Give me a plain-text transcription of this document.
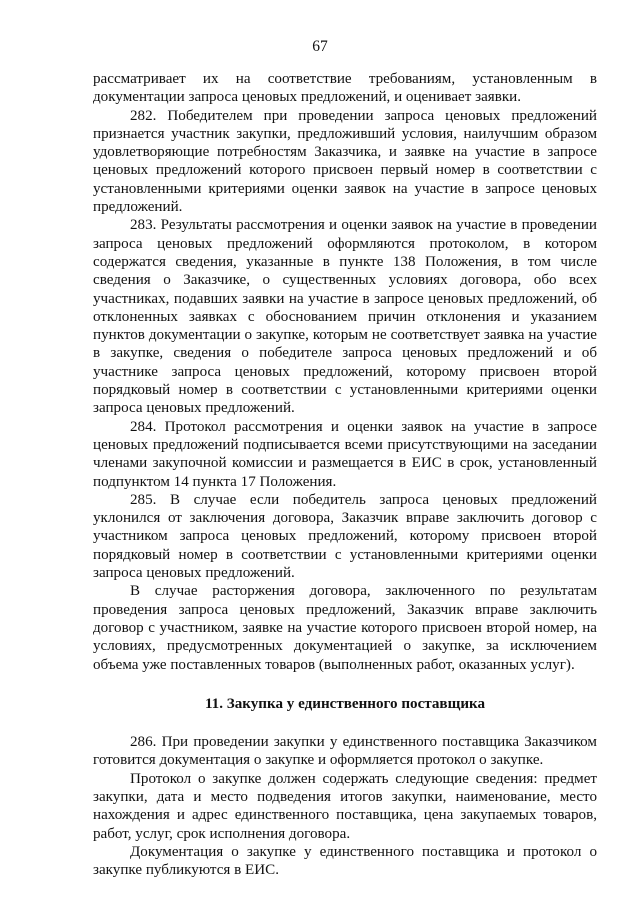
67

рассматривает их на соответствие требованиям, установленным в документации запроса ценовых предложений, и оценивает заявки.

282. Победителем при проведении запроса ценовых предложений признается участник закупки, предложивший условия, наилучшим образом удовлетворяющие потребностям Заказчика, и заявке на участие в запросе ценовых предложений которого присвоен первый номер в соответствии с установленными критериями оценки заявок на участие в запросе ценовых предложений.

283. Результаты рассмотрения и оценки заявок на участие в проведении запроса ценовых предложений оформляются протоколом, в котором содержатся сведения, указанные в пункте 138 Положения, в том числе сведения о Заказчике, о существенных условиях договора, обо всех участниках, подавших заявки на участие в запросе ценовых предложений, об отклоненных заявках с обоснованием причин отклонения и указанием пунктов документации о закупке, которым не соответствует заявка на участие в закупке, сведения о победителе запроса ценовых предложений и об участнике запроса ценовых предложений, которому присвоен второй порядковый номер в соответствии с установленными критериями оценки запроса ценовых предложений.

284. Протокол рассмотрения и оценки заявок на участие в запросе ценовых предложений подписывается всеми присутствующими на заседании членами закупочной комиссии и размещается в ЕИС в срок, установленный подпунктом 14 пункта 17 Положения.

285. В случае если победитель запроса ценовых предложений уклонился от заключения договора, Заказчик вправе заключить договор с участником запроса ценовых предложений, которому присвоен второй порядковый номер в соответствии с установленными критериями оценки запроса ценовых предложений.

В случае расторжения договора, заключенного по результатам проведения запроса ценовых предложений, Заказчик вправе заключить договор с участником, заявке на участие которого присвоен второй номер, на условиях, предусмотренных документацией о закупке, за исключением объема уже поставленных товаров (выполненных работ, оказанных услуг).

11. Закупка у единственного поставщика

286. При проведении закупки у единственного поставщика Заказчиком готовится документация о закупке и оформляется протокол о закупке.

Протокол о закупке должен содержать следующие сведения: предмет закупки, дата и место подведения итогов закупки, наименование, место нахождения и адрес единственного поставщика, цена закупаемых товаров, работ, услуг, срок исполнения договора.

Документация о закупке у единственного поставщика и протокол о закупке публикуются в ЕИС.
